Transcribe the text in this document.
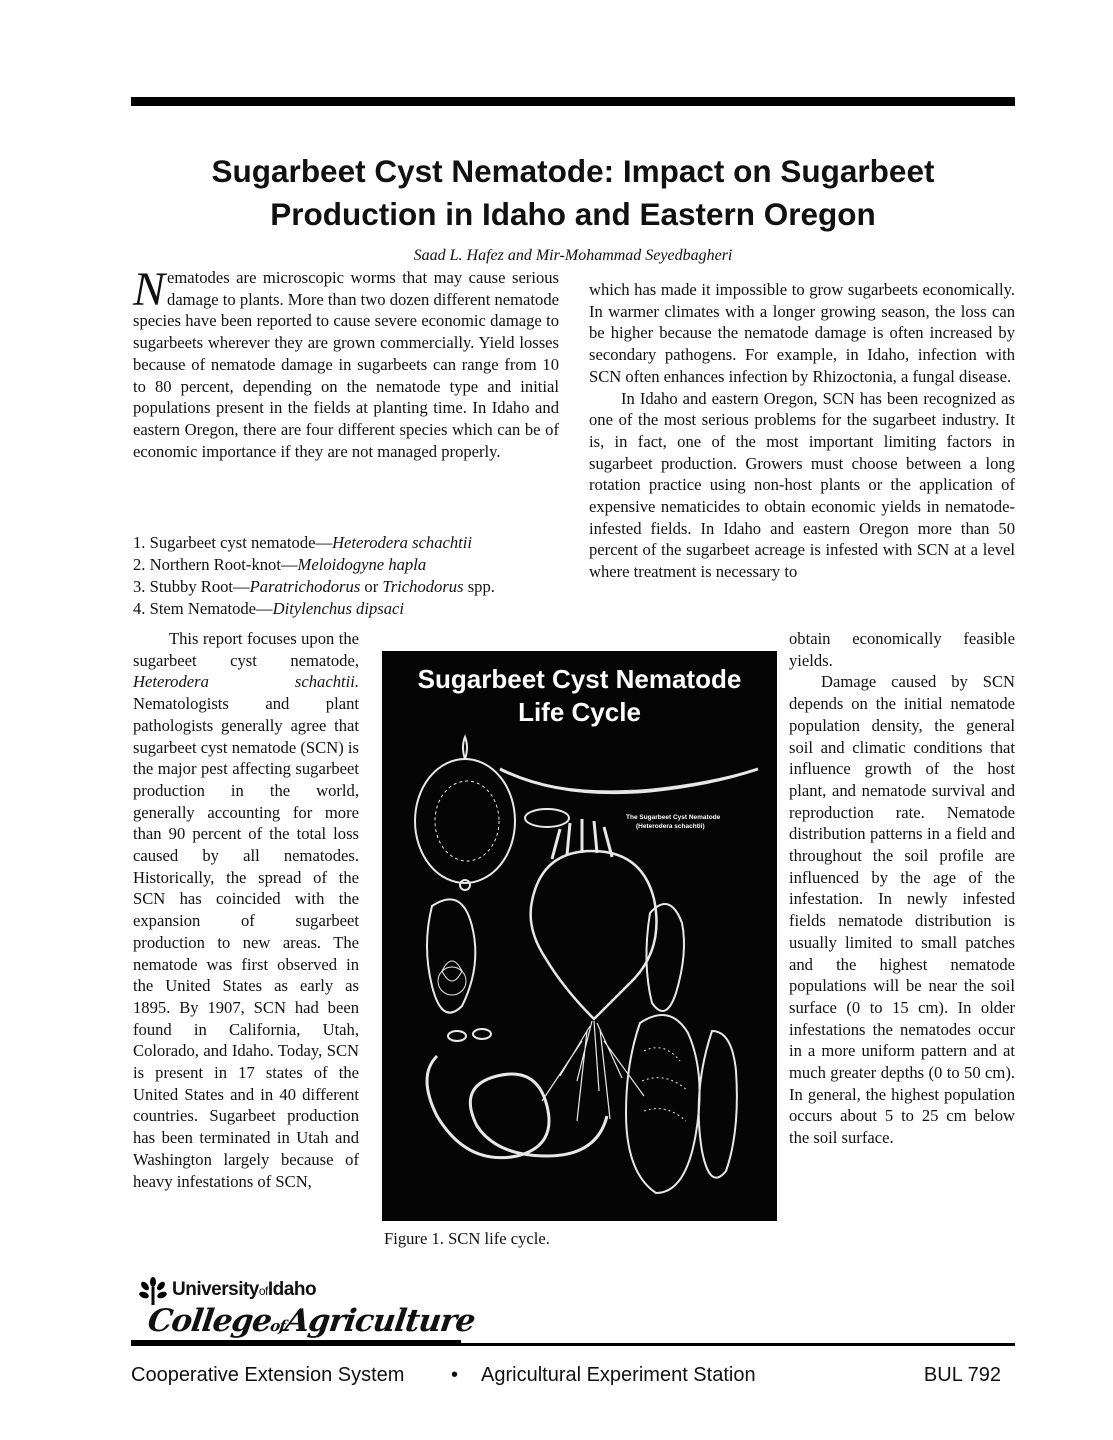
Sugarbeet Cyst Nematode: Impact on Sugarbeet Production in Idaho and Eastern Oregon
Saad L. Hafez and Mir-Mohammad Seyedbagheri

Nematodes are microscopic worms that may cause serious damage to plants. More than two dozen different nematode species have been reported to cause severe economic damage to sugarbeets wherever they are grown commercially. Yield losses because of nematode damage in sugarbeets can range from 10 to 80 percent, depending on the nematode type and initial populations present in the fields at planting time. In Idaho and eastern Oregon, there are four different species which can be of economic importance if they are not managed properly.

1. Sugarbeet cyst nematode—Heterodera schachtii
2. Northern Root-knot—Meloidogyne hapla
3. Stubby Root—Paratrichodorus or Trichodorus spp.
4. Stem Nematode—Ditylenchus dipsaci

This report focuses upon the sugarbeet cyst nematode, Heterodera schachtii. Nematologists and plant pathologists generally agree that sugarbeet cyst nematode (SCN) is the major pest affecting sugarbeet production in the world, generally accounting for more than 90 percent of the total loss caused by all nematodes. Historically, the spread of the SCN has coincided with the expansion of sugarbeet production to new areas. The nematode was first observed in the United States as early as 1895. By 1907, SCN had been found in California, Utah, Colorado, and Idaho. Today, SCN is present in 17 states of the United States and in 40 different countries. Sugarbeet production has been terminated in Utah and Washington largely because of heavy infestations of SCN,

which has made it impossible to grow sugarbeets economically. In warmer climates with a longer growing season, the loss can be higher because the nematode damage is often increased by secondary pathogens. For example, in Idaho, infection with SCN often enhances infection by Rhizoctonia, a fungal disease.

In Idaho and eastern Oregon, SCN has been recognized as one of the most serious problems for the sugarbeet industry. It is, in fact, one of the most important limiting factors in sugarbeet production. Growers must choose between a long rotation practice using non-host plants or the application of expensive nematicides to obtain economic yields in nematode-infested fields. In Idaho and eastern Oregon more than 50 percent of the sugarbeet acreage is infested with SCN at a level where treatment is necessary to

obtain economically feasible yields.

Damage caused by SCN depends on the initial nematode population density, the general soil and climatic conditions that influence growth of the host plant, and nematode survival and reproduction rate. Nematode distribution patterns in a field and throughout the soil profile are influenced by the age of the infestation. In newly infested fields nematode distribution is usually limited to small patches and the highest nematode populations will be near the soil surface (0 to 15 cm). In older infestations the nematodes occur in a more uniform pattern and at much greater depths (0 to 50 cm). In general, the highest population occurs about 5 to 25 cm below the soil surface.

The Sugarbeet Cyst Nematode
(Heterodera schachtii)
Sugarbeet Cyst Nematode
Life Cycle
Figure 1. SCN life cycle.
UniversityofIdaho
CollegeofAgriculture
Cooperative Extension System • Agricultural Experiment Station	BUL 792
